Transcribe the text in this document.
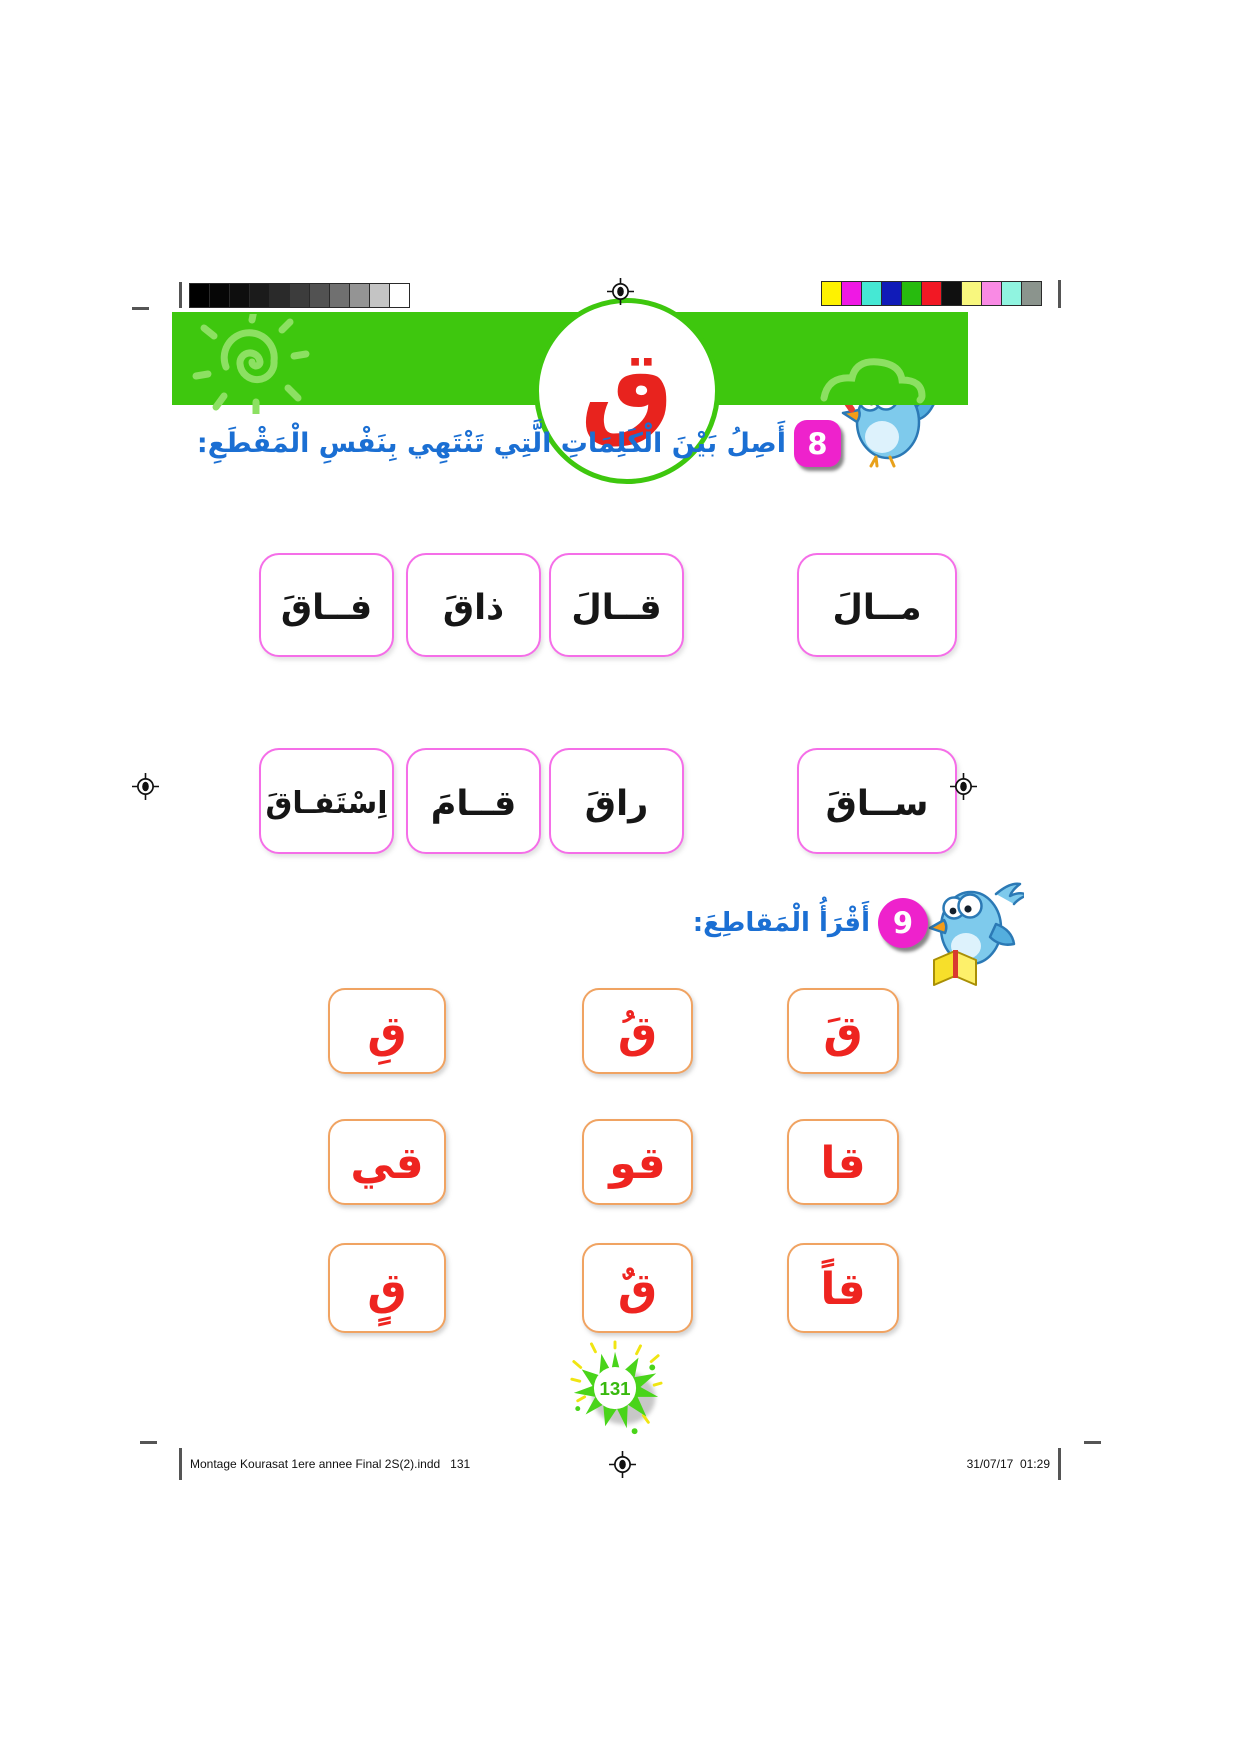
ق	8
أَصِلُ بَيْنَ الْكَلِمَاتِ الَّتِي تَنْتَهِي بِنَفْسِ الْمَقْطَعِ:
مــالَ
قــالَ
ذاقَ
فــاقَ
ســاقَ
راقَ
قــامَ
اِسْتَفـاقَ
9
أَقْرَأُ الْمَقاطِعَ:
قَ
قُ
قِ
قا
قو
قي
قاً
قٌ
قٍ
131
Montage Kourasat 1ere annee Final 2S(2).indd   131	31/07/17  01:29
